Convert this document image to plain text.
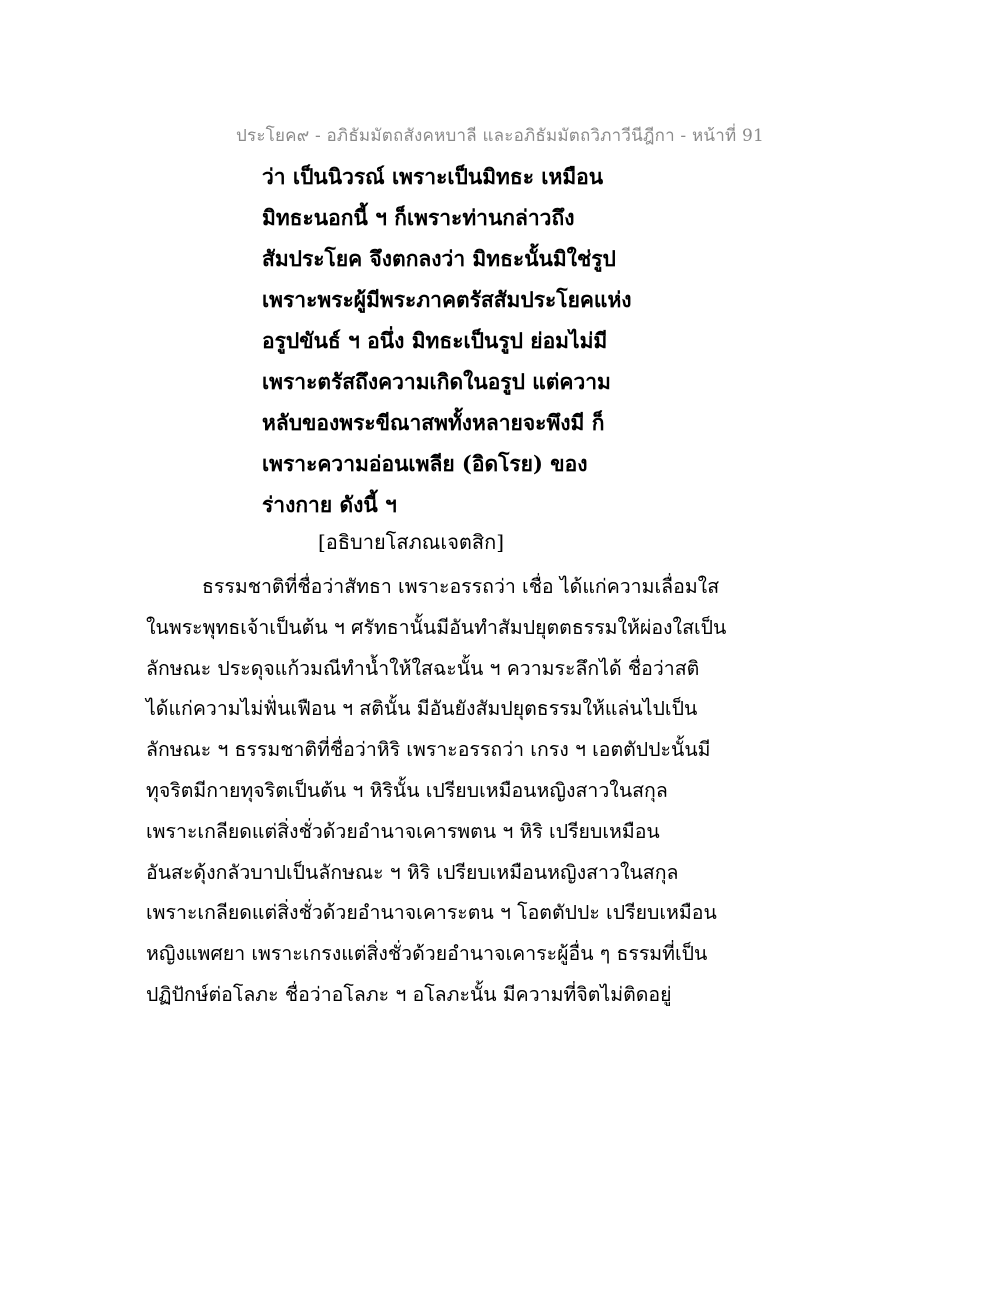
ประโยค๙ - อภิธัมมัตถสังคหบาลี และอภิธัมมัตถวิภาวีนีฎีกา - หน้าที่ 91
ว่า เป็นนิวรณ์ เพราะเป็นมิทธะ เหมือน
มิทธะนอกนี้ ฯ ก็เพราะท่านกล่าวถึง
สัมประโยค จึงตกลงว่า มิทธะนั้นมิใช่รูป
เพราะพระผู้มีพระภาคตรัสสัมประโยคแห่ง
อรูปขันธ์ ฯ อนึ่ง มิทธะเป็นรูป ย่อมไม่มี
เพราะตรัสถึงความเกิดในอรูป แต่ความ
หลับของพระขีณาสพทั้งหลายจะพึงมี ก็
เพราะความอ่อนเพลีย (อิดโรย) ของ
ร่างกาย ดังนี้ ฯ
[อธิบายโสภณเจตสิก]
ธรรมชาติที่ชื่อว่าสัทธา เพราะอรรถว่า เชื่อ ได้แก่ความเลื่อมใส
ในพระพุทธเจ้าเป็นต้น ฯ ศรัทธานั้นมีอันทำสัมปยุตตธรรมให้ผ่องใสเป็น
ลักษณะ ประดุจแก้วมณีทำน้ำให้ใสฉะนั้น ฯ ความระลึกได้ ชื่อว่าสติ
ได้แก่ความไม่ฟั่นเฟือน ฯ สตินั้น มีอันยังสัมปยุตธรรมให้แล่นไปเป็น
ลักษณะ ฯ ธรรมชาติที่ชื่อว่าหิริ เพราะอรรถว่า เกรง ฯ เอตตัปปะนั้นมี
ทุจริตมีกายทุจริตเป็นต้น ฯ หิรินั้น เปรียบเหมือนหญิงสาวในสกุล
เพราะเกลียดแต่สิ่งชั่วด้วยอำนาจเคารพตน ฯ หิริ เปรียบเหมือน
อันสะดุ้งกลัวบาปเป็นลักษณะ ฯ หิริ เปรียบเหมือนหญิงสาวในสกุล
เพราะเกลียดแต่สิ่งชั่วด้วยอำนาจเคาระตน ฯ โอตตัปปะ เปรียบเหมือน
หญิงแพศยา เพราะเกรงแต่สิ่งชั่วด้วยอำนาจเคาระผู้อื่น ๆ ธรรมที่เป็น
ปฏิปักษ์ต่อโลภะ ชื่อว่าอโลภะ ฯ อโลภะนั้น มีความที่จิตไม่ติดอยู่
